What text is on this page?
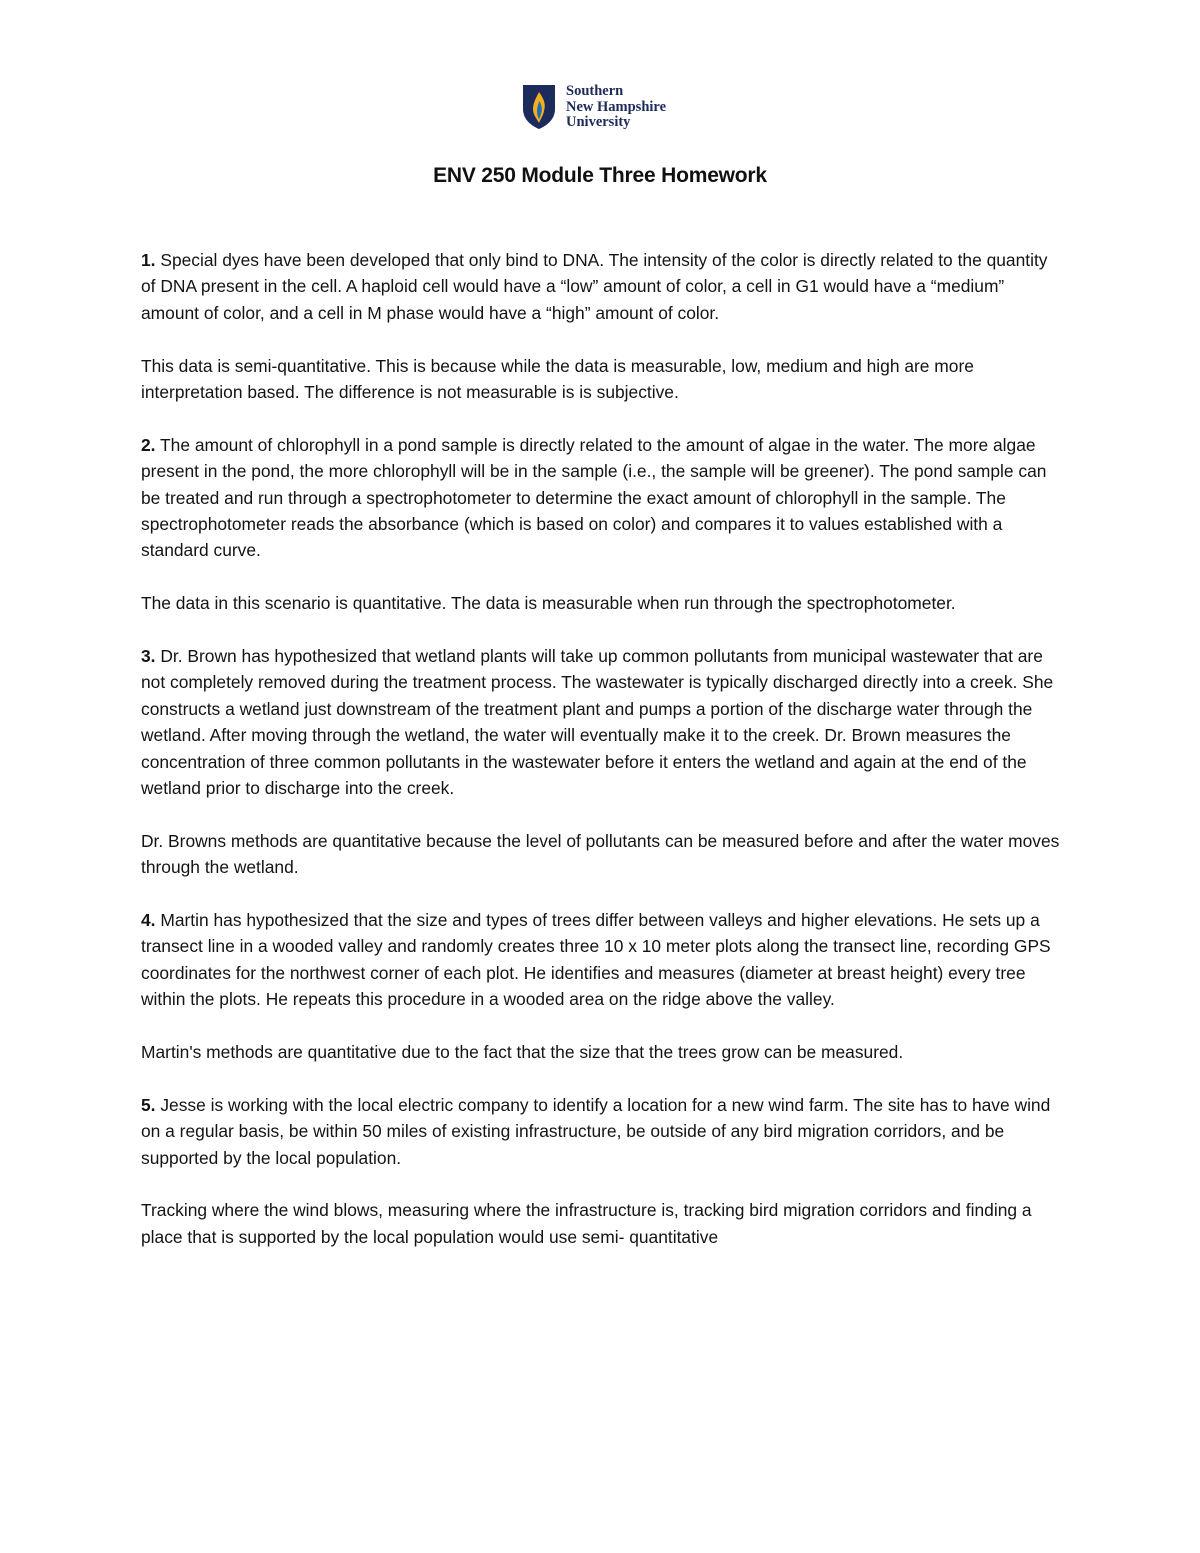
Southern
New Hampshire
University
ENV 250 Module Three Homework

1. Special dyes have been developed that only bind to DNA. The intensity of the color is directly related to the quantity of DNA present in the cell. A haploid cell would have a “low” amount of color, a cell in G1 would have a “medium” amount of color, and a cell in M phase would have a “high” amount of color.

This data is semi-quantitative. This is because while the data is measurable, low, medium and high are more interpretation based. The difference is not measurable is is subjective.

2. The amount of chlorophyll in a pond sample is directly related to the amount of algae in the water. The more algae present in the pond, the more chlorophyll will be in the sample (i.e., the sample will be greener). The pond sample can be treated and run through a spectrophotometer to determine the exact amount of chlorophyll in the sample. The spectrophotometer reads the absorbance (which is based on color) and compares it to values established with a standard curve.

The data in this scenario is quantitative. The data is measurable when run through the spectrophotometer.

3. Dr. Brown has hypothesized that wetland plants will take up common pollutants from municipal wastewater that are not completely removed during the treatment process. The wastewater is typically discharged directly into a creek. She constructs a wetland just downstream of the treatment plant and pumps a portion of the discharge water through the wetland. After moving through the wetland, the water will eventually make it to the creek. Dr. Brown measures the concentration of three common pollutants in the wastewater before it enters the wetland and again at the end of the wetland prior to discharge into the creek.

Dr. Browns methods are quantitative because the level of pollutants can be measured before and after the water moves through the wetland.

4. Martin has hypothesized that the size and types of trees differ between valleys and higher elevations. He sets up a transect line in a wooded valley and randomly creates three 10 x 10 meter plots along the transect line, recording GPS coordinates for the northwest corner of each plot. He identifies and measures (diameter at breast height) every tree within the plots. He repeats this procedure in a wooded area on the ridge above the valley.

Martin's methods are quantitative due to the fact that the size that the trees grow can be measured.

5. Jesse is working with the local electric company to identify a location for a new wind farm. The site has to have wind on a regular basis, be within 50 miles of existing infrastructure, be outside of any bird migration corridors, and be supported by the local population.

Tracking where the wind blows, measuring where the infrastructure is, tracking bird migration corridors and finding a place that is supported by the local population would use semi- quantitative
